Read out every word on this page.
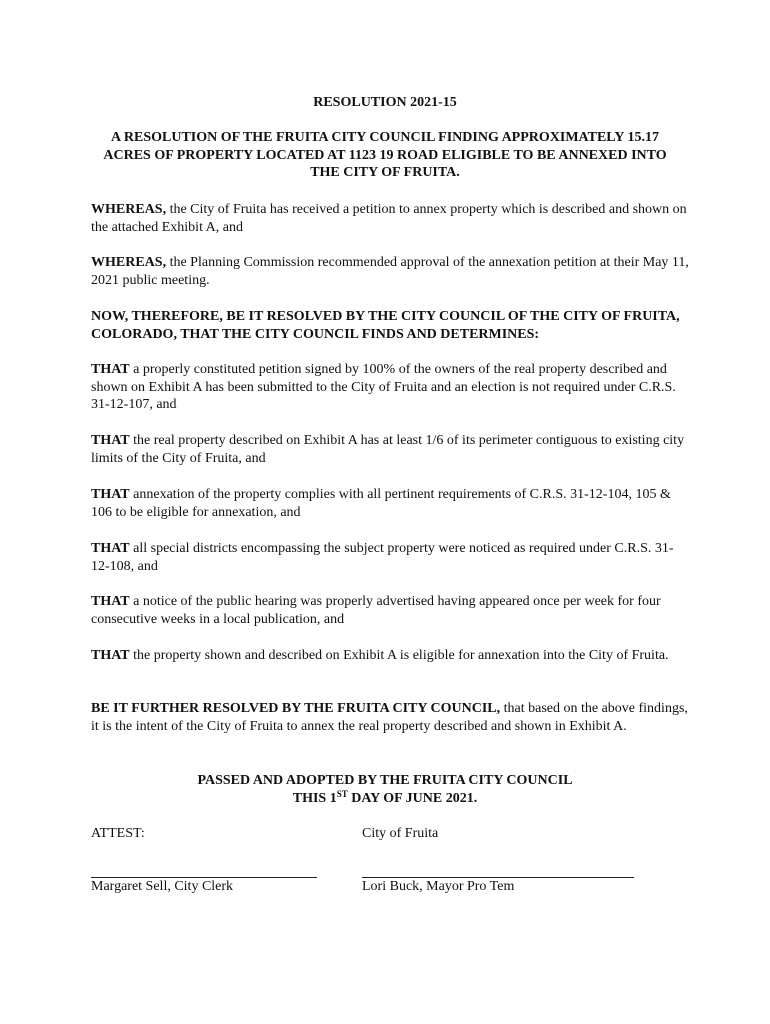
RESOLUTION 2021-15
A RESOLUTION OF THE FRUITA CITY COUNCIL FINDING APPROXIMATELY 15.17 ACRES OF PROPERTY LOCATED AT 1123 19 ROAD ELIGIBLE TO BE ANNEXED INTO THE CITY OF FRUITA.

WHEREAS, the City of Fruita has received a petition to annex property which is described and shown on the attached Exhibit A, and

WHEREAS, the Planning Commission recommended approval of the annexation petition at their May 11, 2021 public meeting.

NOW, THEREFORE, BE IT RESOLVED BY THE CITY COUNCIL OF THE CITY OF FRUITA, COLORADO, THAT THE CITY COUNCIL FINDS AND DETERMINES:

THAT a properly constituted petition signed by 100% of the owners of the real property described and shown on Exhibit A has been submitted to the City of Fruita and an election is not required under C.R.S. 31-12-107, and

THAT the real property described on Exhibit A has at least 1/6 of its perimeter contiguous to existing city limits of the City of Fruita, and

THAT annexation of the property complies with all pertinent requirements of C.R.S. 31-12-104, 105 & 106 to be eligible for annexation, and

THAT all special districts encompassing the subject property were noticed as required under C.R.S. 31-12-108, and

THAT a notice of the public hearing was properly advertised having appeared once per week for four consecutive weeks in a local publication, and

THAT the property shown and described on Exhibit A is eligible for annexation into the City of Fruita.

BE IT FURTHER RESOLVED BY THE FRUITA CITY COUNCIL, that based on the above findings, it is the intent of the City of Fruita to annex the real property described and shown in Exhibit A.

PASSED AND ADOPTED BY THE FRUITA CITY COUNCIL
THIS 1ST DAY OF JUNE 2021.
ATTEST:	City of Fruita
Margaret Sell, City Clerk	Lori Buck, Mayor Pro Tem
